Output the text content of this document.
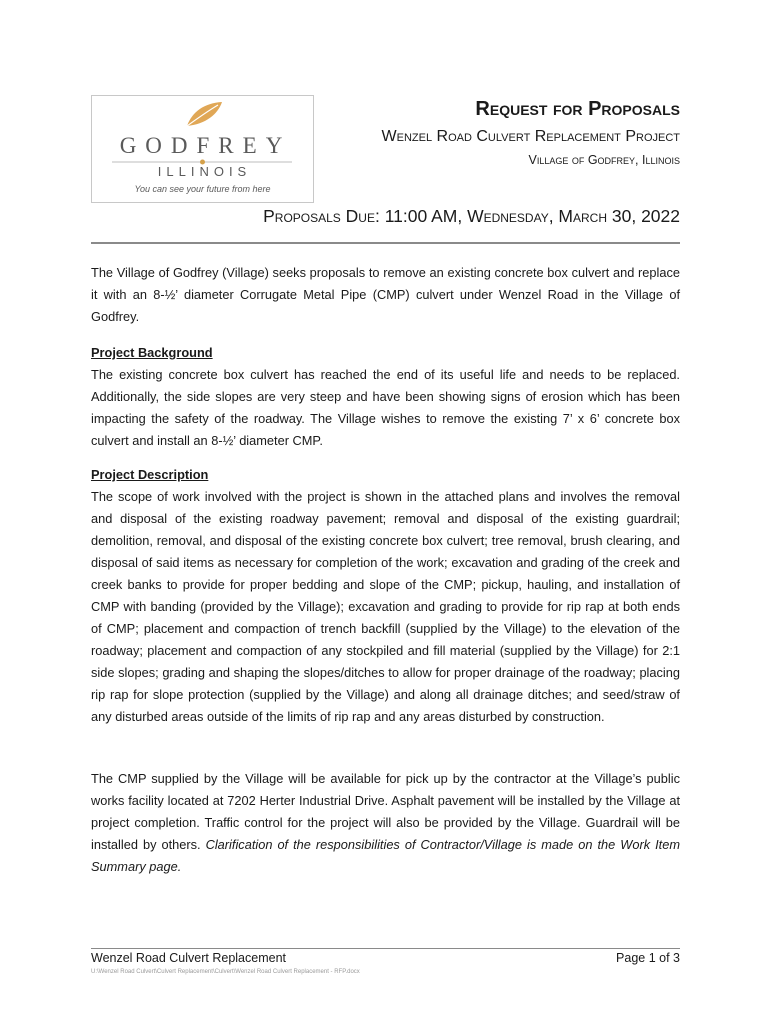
GODFREY
ILLINOIS
You can see your future from here
Request for Proposals
Wenzel Road Culvert Replacement Project
Village of Godfrey, Illinois
Proposals Due: 11:00 AM, Wednesday, March 30, 2022
The Village of Godfrey (Village) seeks proposals to remove an existing concrete box culvert and replace it with an 8-½’ diameter Corrugate Metal Pipe (CMP) culvert under Wenzel Road in the Village of Godfrey.
Project Background
The existing concrete box culvert has reached the end of its useful life and needs to be replaced. Additionally, the side slopes are very steep and have been showing signs of erosion which has been impacting the safety of the roadway. The Village wishes to remove the existing 7’ x 6’ concrete box culvert and install an 8-½’ diameter CMP.
Project Description
The scope of work involved with the project is shown in the attached plans and involves the removal and disposal of the existing roadway pavement; removal and disposal of the existing guardrail; demolition, removal, and disposal of the existing concrete box culvert; tree removal, brush clearing, and disposal of said items as necessary for completion of the work; excavation and grading of the creek and creek banks to provide for proper bedding and slope of the CMP; pickup, hauling, and installation of CMP with banding (provided by the Village); excavation and grading to provide for rip rap at both ends of CMP; placement and compaction of trench backfill (supplied by the Village) to the elevation of the roadway; placement and compaction of any stockpiled and fill material (supplied by the Village) for 2:1 side slopes; grading and shaping the slopes/ditches to allow for proper drainage of the roadway; placing rip rap for slope protection (supplied by the Village) and along all drainage ditches; and seed/straw of any disturbed areas outside of the limits of rip rap and any areas disturbed by construction.
The CMP supplied by the Village will be available for pick up by the contractor at the Village’s public works facility located at 7202 Herter Industrial Drive. Asphalt pavement will be installed by the Village at project completion. Traffic control for the project will also be provided by the Village. Guardrail will be installed by others. Clarification of the responsibilities of Contractor/Village is made on the Work Item Summary page.
Wenzel Road Culvert Replacement	Page 1 of 3
U:\Wenzel Road Culvert\Culvert Replacement\Culvert\Wenzel Road Culvert Replacement - RFP.docx
